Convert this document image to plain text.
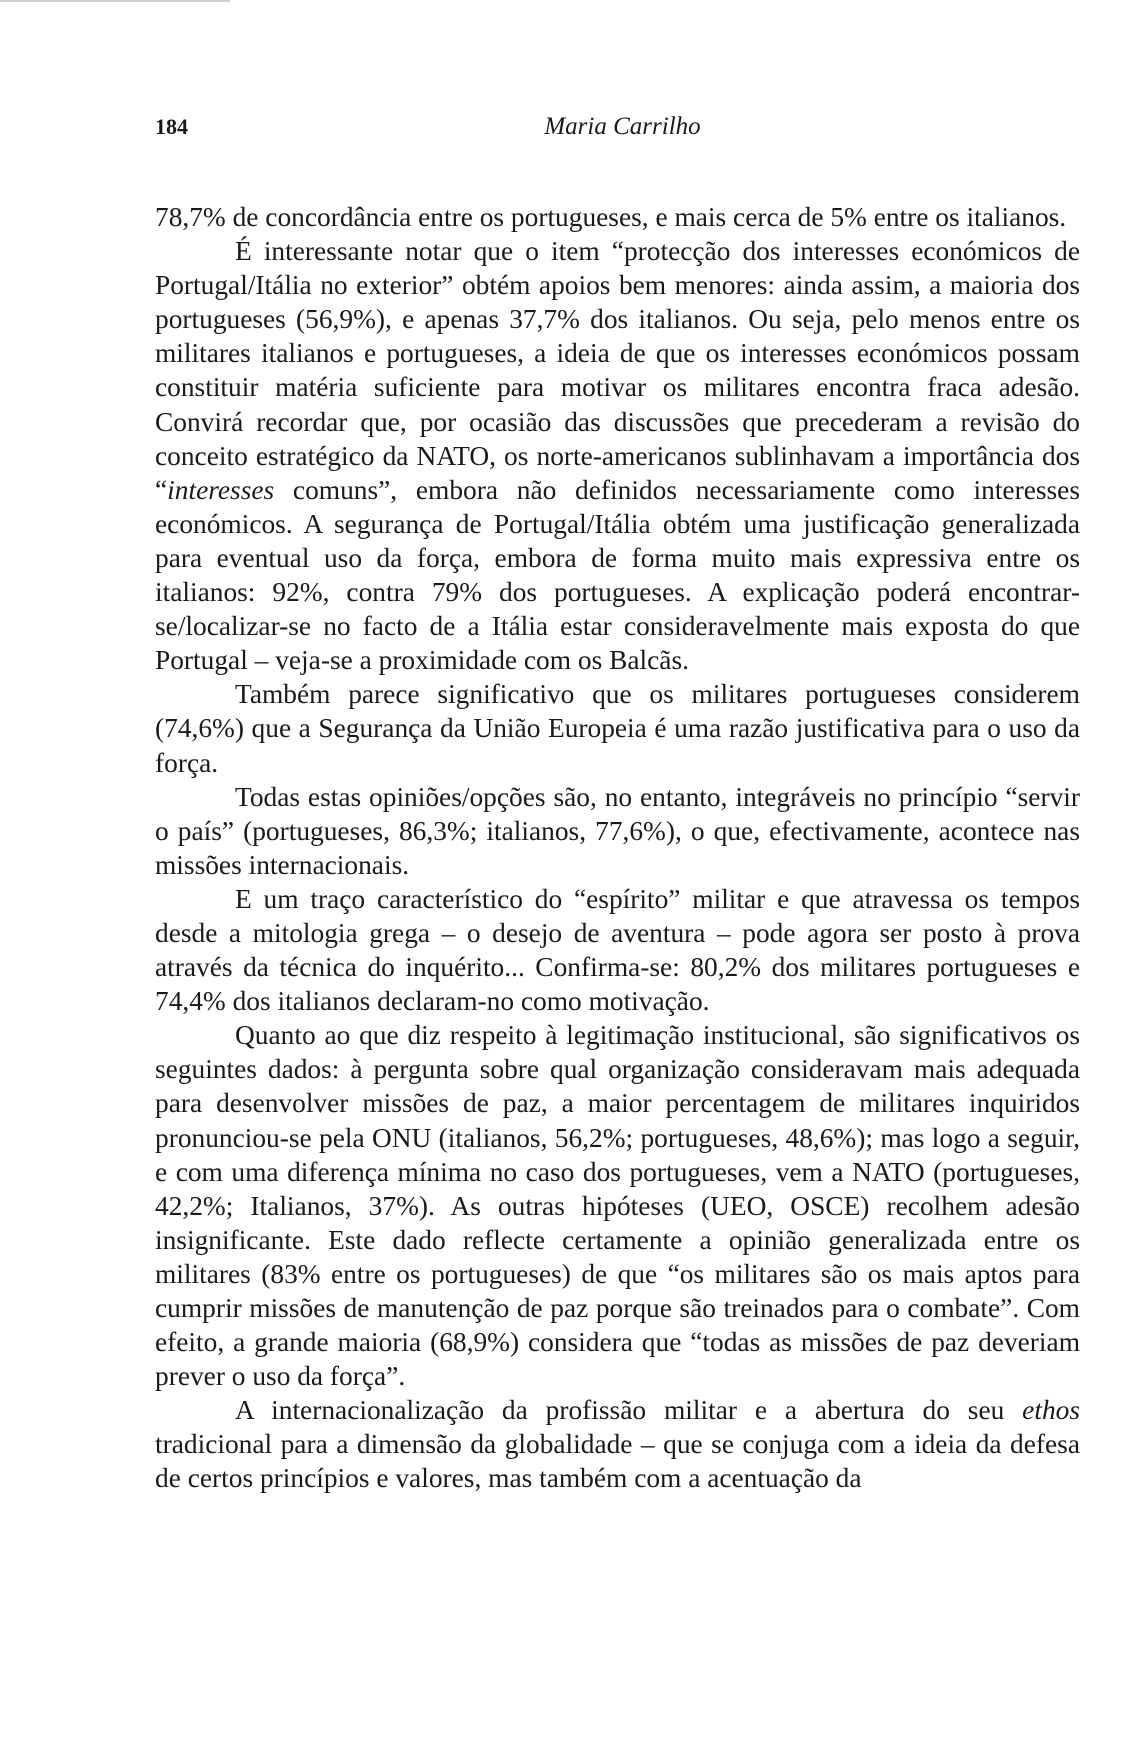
184	Maria Carrilho

78,7% de concordância entre os portugueses, e mais cerca de 5% entre os italianos.

É interessante notar que o item “protecção dos interesses económicos de Portugal/Itália no exterior” obtém apoios bem menores: ainda assim, a maioria dos portugueses (56,9%), e apenas 37,7% dos italianos. Ou seja, pelo menos entre os militares italianos e portugueses, a ideia de que os interesses económicos possam constituir matéria suficiente para motivar os militares encontra fraca adesão. Convirá recordar que, por ocasião das discussões que precederam a revisão do conceito estratégico da NATO, os norte-americanos sublinhavam a importância dos “interesses comuns”, embora não definidos necessariamente como interesses económicos. A segurança de Portugal/Itália obtém uma justificação generalizada para eventual uso da força, embora de forma muito mais expressiva entre os italianos: 92%, contra 79% dos portugueses. A explicação poderá encontrar-se/localizar-se no facto de a Itália estar consideravelmente mais exposta do que Portugal – veja-se a proximidade com os Balcãs.

Também parece significativo que os militares portugueses considerem (74,6%) que a Segurança da União Europeia é uma razão justificativa para o uso da força.

Todas estas opiniões/opções são, no entanto, integráveis no princípio “servir o país” (portugueses, 86,3%; italianos, 77,6%), o que, efectivamente, acontece nas missões internacionais.

E um traço característico do “espírito” militar e que atravessa os tempos desde a mitologia grega – o desejo de aventura – pode agora ser posto à prova através da técnica do inquérito... Confirma-se: 80,2% dos militares portugueses e 74,4% dos italianos declaram-no como motivação.

Quanto ao que diz respeito à legitimação institucional, são significativos os seguintes dados: à pergunta sobre qual organização consideravam mais adequada para desenvolver missões de paz, a maior percentagem de militares inquiridos pronunciou-se pela ONU (italianos, 56,2%; portugueses, 48,6%); mas logo a seguir, e com uma diferença mínima no caso dos portugueses, vem a NATO (portugueses, 42,2%; Italianos, 37%). As outras hipóteses (UEO, OSCE) recolhem adesão insignificante. Este dado reflecte certamente a opinião generalizada entre os militares (83% entre os portugueses) de que “os militares são os mais aptos para cumprir missões de manutenção de paz porque são treinados para o combate”. Com efeito, a grande maioria (68,9%) considera que “todas as missões de paz deveriam prever o uso da força”.

A internacionalização da profissão militar e a abertura do seu ethos tradicional para a dimensão da globalidade – que se conjuga com a ideia da defesa de certos princípios e valores, mas também com a acentuação da
